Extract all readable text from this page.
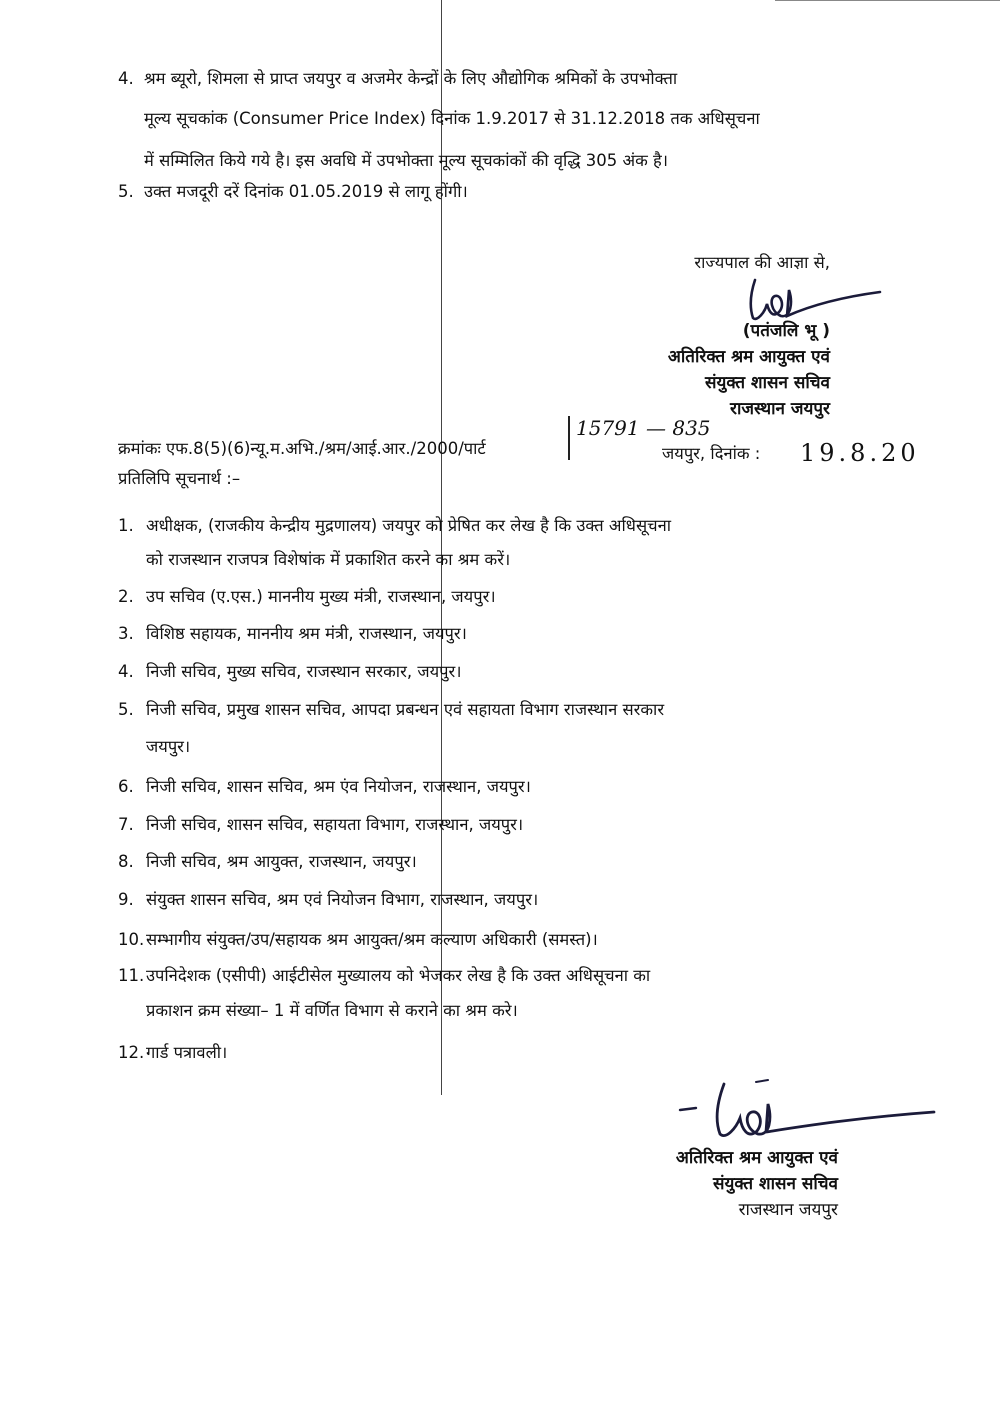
4. श्रम ब्यूरो, शिमला से प्राप्त जयपुर व अजमेर केन्द्रों के लिए औद्योगिक श्रमिकों के उपभोक्ता
मूल्य सूचकांक (Consumer Price Index) दिनांक 1.9.2017 से 31.12.2018 तक अधिसूचना
में सम्मिलित किये गये है। इस अवधि में उपभोक्ता मूल्य सूचकांकों की वृद्धि 305 अंक है।
5. उक्त मजदूरी दरें दिनांक 01.05.2019 से लागू होंगी।
राज्यपाल की आज्ञा से,
(पतंजलि भू )
अतिरिक्त श्रम आयुक्त एवं
संयुक्त शासन सचिव
राजस्थान जयपुर
क्रमांकः एफ.8(5)(6)न्यू.म.अभि./श्रम/आई.आर./2000/पार्ट
15791 — 835
जयपुर, दिनांक : 19.8.20
प्रतिलिपि सूचनार्थ :–
1. अधीक्षक, (राजकीय केन्द्रीय मुद्रणालय) जयपुर को प्रेषित कर लेख है कि उक्त अधिसूचना
को राजस्थान राजपत्र विशेषांक में प्रकाशित करने का श्रम करें।
2. उप सचिव (ए.एस.) माननीय मुख्य मंत्री, राजस्थान, जयपुर।
3. विशिष्ठ सहायक, माननीय श्रम मंत्री, राजस्थान, जयपुर।
4. निजी सचिव, मुख्य सचिव, राजस्थान सरकार, जयपुर।
5. निजी सचिव, प्रमुख शासन सचिव, आपदा प्रबन्धन एवं सहायता विभाग राजस्थान सरकार
जयपुर।
6. निजी सचिव, शासन सचिव, श्रम एंव नियोजन, राजस्थान, जयपुर।
7. निजी सचिव, शासन सचिव, सहायता विभाग, राजस्थान, जयपुर।
8. निजी सचिव, श्रम आयुक्त, राजस्थान, जयपुर।
9. संयुक्त शासन सचिव, श्रम एवं नियोजन विभाग, राजस्थान, जयपुर।
10. सम्भागीय संयुक्त/उप/सहायक श्रम आयुक्त/श्रम कल्याण अधिकारी (समस्त)।
11. उपनिदेशक (एसीपी) आईटीसेल मुख्यालय को भेजकर लेख है कि उक्त अधिसूचना का
प्रकाशन क्रम संख्या– 1 में वर्णित विभाग से कराने का श्रम करे।
12. गार्ड पत्रावली।
अतिरिक्त श्रम आयुक्त एवं
संयुक्त शासन सचिव
राजस्थान जयपुर
